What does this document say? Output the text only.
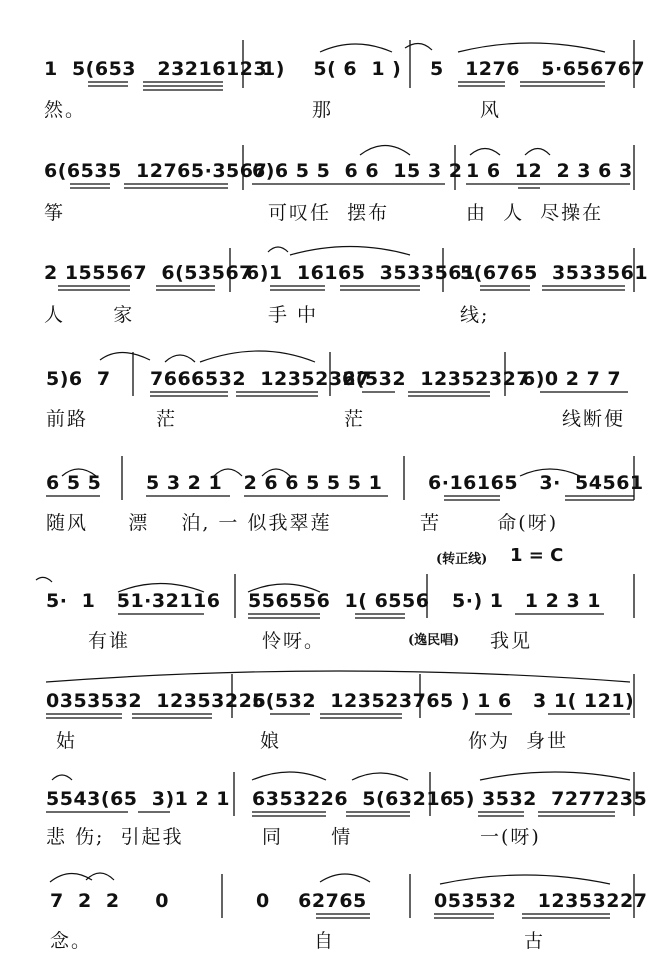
1  5(653   23216123
1)    5( 6  1 ) 5   1276   5·656767
然。	那	风
6(6535  12765·3567
6)6 5 5  6 6  15 3 2 1 6  12  2 3 6 3
筝	可叹任  摆布	由  人  尽操在
2 155567  6(53567
6)1  16165  3533561
5(6765  3533561
人      家	手 中	线;
5)6  7 7666532  12352327
6(532  12352327
6)0 2 7 7
前路	茫	茫	线断便
6 5 5 5 3 2 1   2 6 6 5 5 5 1 6·16165   3·  54561
随风     漂    泊, 一 似我翠莲	苦       命(呀)
(转正线) 1 = C
5·  1   51·32116 556556  1( 6556 5·) 1   1 2 3 1
有谁	怜呀。	(逸民唱) 我见
0353532  12353226
5(532  12352376 5 ) 1 6   3 1( 121)
姑	娘	你为  身世
5543(65  3)1 2 1 6353226  5(63216
5) 3532  7277235
悲 伤;  引起我	同      情	一(呀)
7  2  2     0	0    62765	053532   12353227
念。	自	古
